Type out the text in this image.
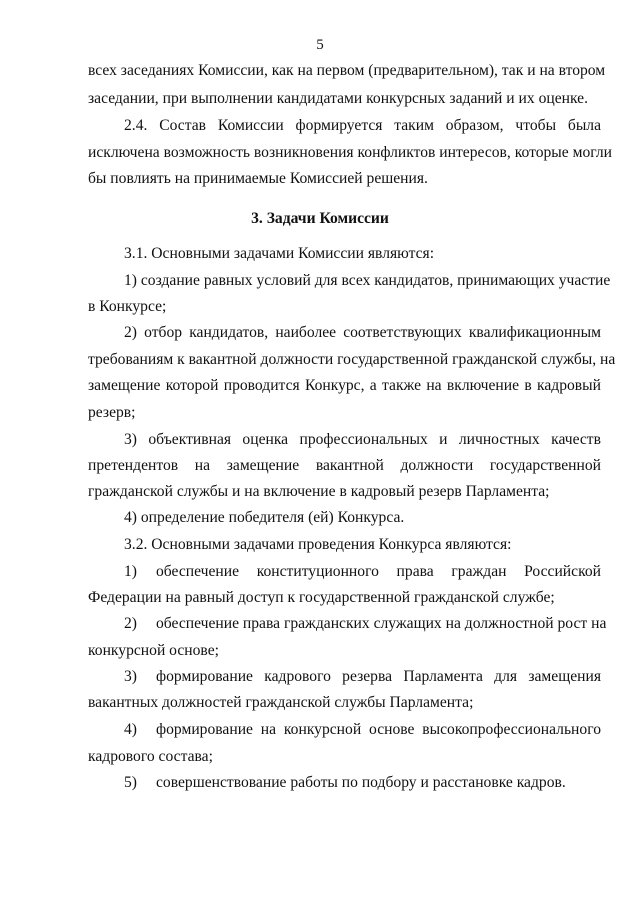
5
всех заседаниях Комиссии, как на первом (предварительном), так и на втором
заседании, при выполнении кандидатами конкурсных заданий и их оценке.
2.4. Состав Комиссии формируется таким образом, чтобы была
исключена возможность возникновения конфликтов интересов, которые могли
бы повлиять на принимаемые Комиссией решения.
3. Задачи Комиссии
3.1. Основными задачами Комиссии являются:
1) создание равных условий для всех кандидатов, принимающих участие
в Конкурсе;
2) отбор кандидатов, наиболее соответствующих квалификационным
требованиям к вакантной должности государственной гражданской службы, на
замещение которой проводится Конкурс, а также на включение в кадровый
резерв;
3) объективная оценка профессиональных и личностных качеств
претендентов на замещение вакантной должности государственной
гражданской службы и на включение в кадровый резерв Парламента;
4) определение победителя (ей) Конкурса.
3.2. Основными задачами проведения Конкурса являются:
1) обеспечение конституционного права граждан Российской
Федерации на равный доступ к государственной гражданской службе;
2) обеспечение права гражданских служащих на должностной рост на
конкурсной основе;
3) формирование кадрового резерва Парламента для замещения
вакантных должностей гражданской службы Парламента;
4) формирование на конкурсной основе высокопрофессионального
кадрового состава;
5) совершенствование работы по подбору и расстановке кадров.
